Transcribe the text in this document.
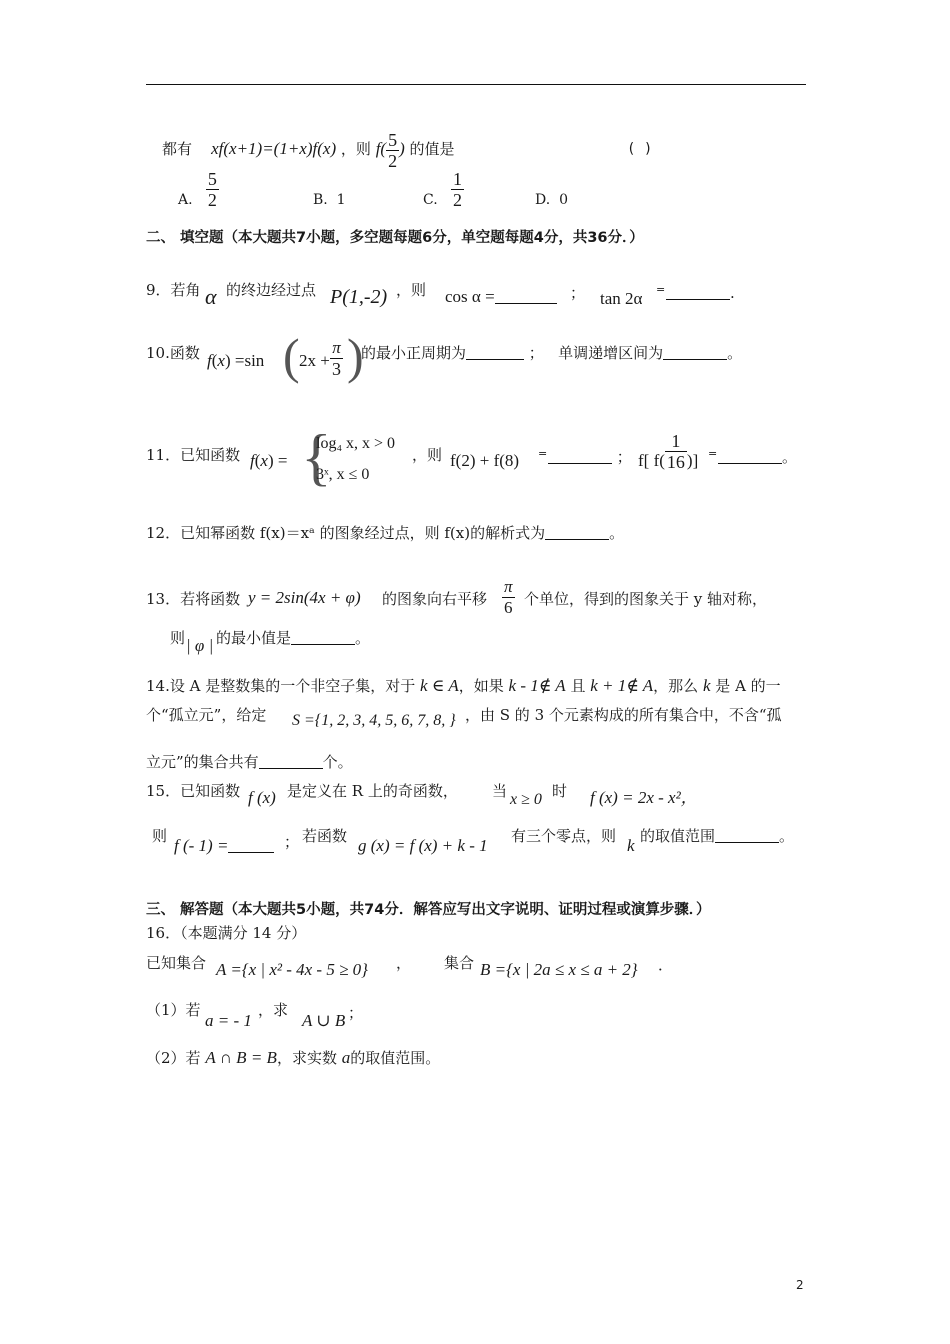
都有 xf(x+1)=(1+x)f(x) ，则 $f( \frac{5}{2}$ ) 的值是	( )
A. $\frac{5}{2}$	B. 1	C. $\frac{1}{2}$	D. 0
二、 填空题（本大题共7小题，多空题每题6分，单空题每题4分，共36分．）
9．若角 α 的终边经过点 P(1,-2) ，则 cos α =	； tan 2α =	.
10.函数 f(x) =sin ( $2x + \frac{\pi}{3}$ )
的最小正周期为	； 单调递增区间为	。
11．已知函数 f(x) = {
log₄ x, x > 0
3ˣ, x ≤ 0
，则 f(2) + f(8) =	； f[ $f( \frac{1}{16}$ )] =	。
12．已知幂函数 f(x)＝xᵃ 的图象经过点，则 f(x)的解析式为	。
13．若将函数 y = 2sin(4x + φ) 的图象向右平移 $\frac{\pi}{6}$ 个单位，得到的图象关于 y 轴对称，
则 | φ | 的最小值是	。
14.设 A 是整数集的一个非空子集，对于 k ∈ A，如果 k - 1∉ A 且 k + 1∉ A，那么 k 是 A 的一
个“孤立元”，给定 S ={1, 2, 3, 4, 5, 6, 7, 8, } ，由 S 的 3 个元素构成的所有集合中，不含“孤
立元”的集合共有	个。
15．已知函数 f (x) 是定义在 R 上的奇函数， 当 x ≥ 0 时 f (x) = 2x - x²，
则 f (- 1) =	； 若函数 g (x) = f (x) + k - 1 有三个零点，则 k 的取值范围	。
三、 解答题（本大题共5小题，共74分．解答应写出文字说明、证明过程或演算步骤．）
16．（本题满分 14 分）
已知集合 A ={x | x² - 4x - 5 ≥ 0} ， 集合 B ={x | 2a ≤ x ≤ a + 2} ．
（1）若
a = - 1
，求
A ∪ B ；
（2）若 A ∩ B = B，求实数 a的取值范围。
2
